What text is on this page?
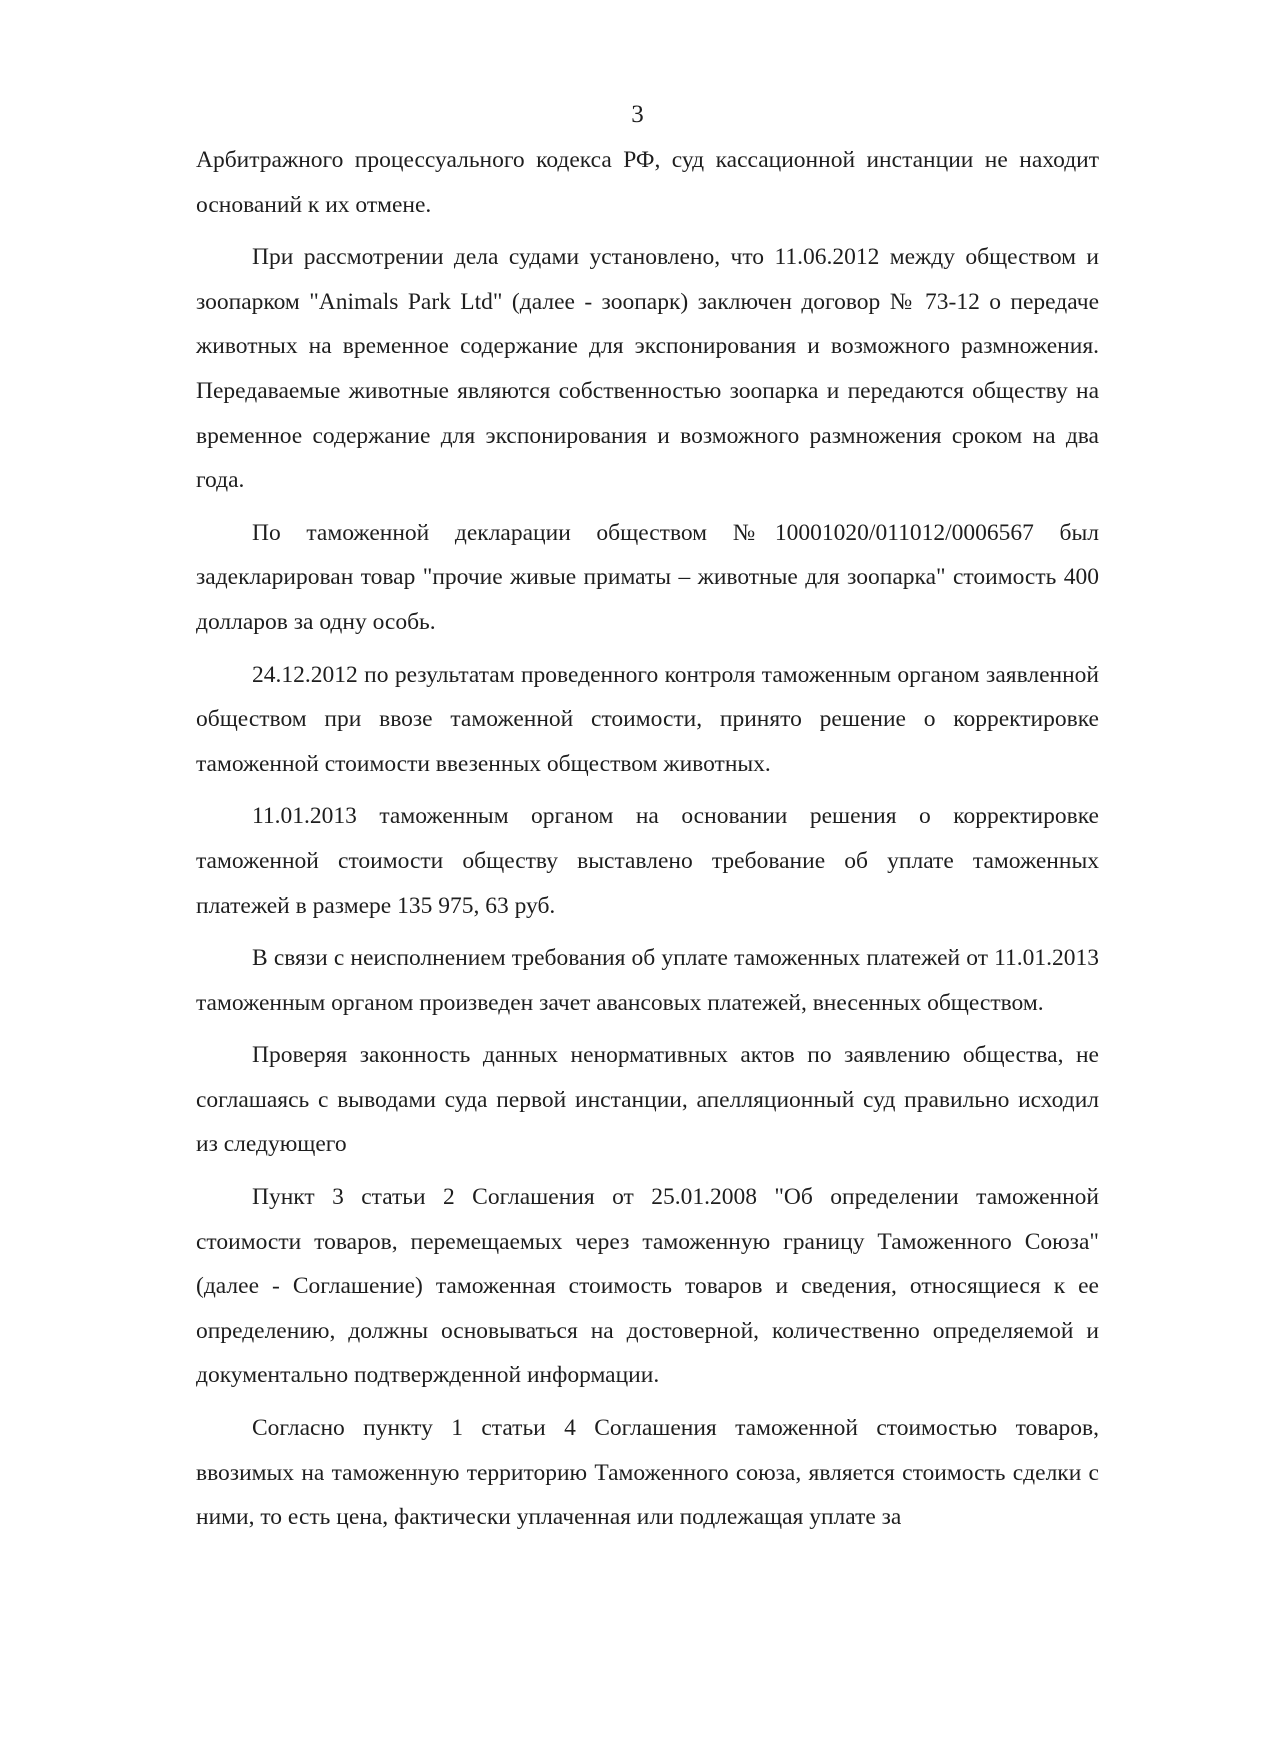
3

Арбитражного процессуального кодекса РФ, суд кассационной инстанции не находит оснований к их отмене.

При рассмотрении дела судами установлено, что 11.06.2012 между обществом и зоопарком "Animals Park Ltd" (далее - зоопарк) заключен договор № 73-12 о передаче животных на временное содержание для экспонирования и возможного размножения. Передаваемые животные являются собственностью зоопарка и передаются обществу на временное содержание для экспонирования и возможного размножения сроком на два года.

По таможенной декларации обществом №10001020/011012/0006567 был задекларирован товар "прочие живые приматы – животные для зоопарка" стоимость 400 долларов за одну особь.

24.12.2012 по результатам проведенного контроля таможенным органом заявленной обществом при ввозе таможенной стоимости, принято решение о корректировке таможенной стоимости ввезенных обществом животных.

11.01.2013 таможенным органом на основании решения о корректировке таможенной стоимости обществу выставлено требование об уплате таможенных платежей в размере 135 975, 63 руб.

В связи с неисполнением требования об уплате таможенных платежей от 11.01.2013 таможенным органом произведен зачет авансовых платежей, внесенных обществом.

Проверяя законность данных ненормативных актов по заявлению общества, не соглашаясь с выводами суда первой инстанции, апелляционный суд правильно исходил из следующего

Пункт 3 статьи 2 Соглашения от 25.01.2008 "Об определении таможенной стоимости товаров, перемещаемых через таможенную границу Таможенного Союза" (далее - Соглашение) таможенная стоимость товаров и сведения, относящиеся к ее определению, должны основываться на достоверной, количественно определяемой и документально подтвержденной информации.

Согласно пункту 1 статьи 4 Соглашения таможенной стоимостью товаров, ввозимых на таможенную территорию Таможенного союза, является стоимость сделки с ними, то есть цена, фактически уплаченная или подлежащая уплате за
